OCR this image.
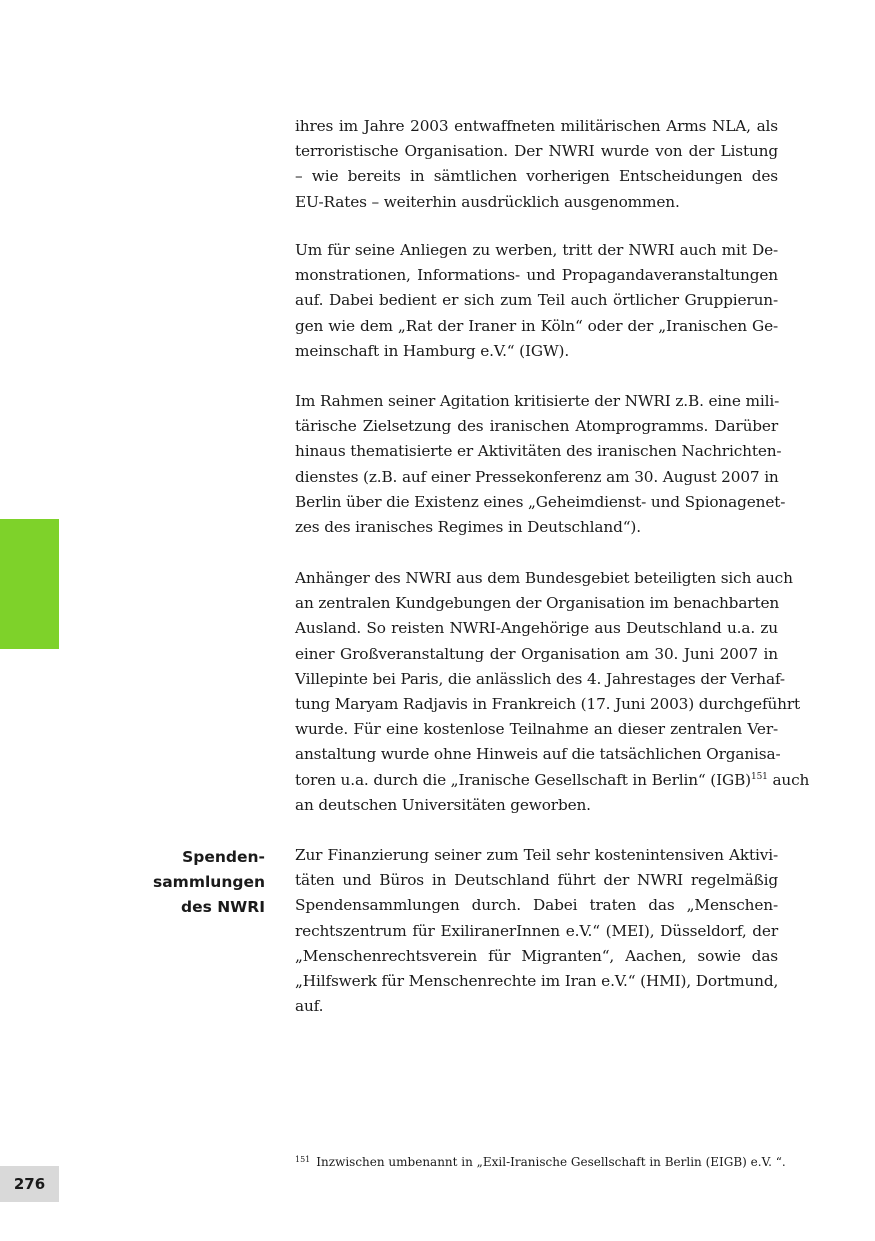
Spenden-
sammlungen
des NWRI
ihres im Jahre 2003 entwaffneten militärischen Arms NLA, als
terroristische Organisation. Der NWRI wurde von der Listung
– wie bereits in sämtlichen vorherigen Entscheidungen des
EU-Rates – weiterhin ausdrücklich ausgenommen.
Um für seine Anliegen zu werben, tritt der NWRI auch mit De-
monstrationen, Informations- und Propagandaveranstaltungen
auf. Dabei bedient er sich zum Teil auch örtlicher Gruppierun-
gen wie dem „Rat der Iraner in Köln“ oder der „Iranischen Ge-
meinschaft in Hamburg e.V.“ (IGW).
Im Rahmen seiner Agitation kritisierte der NWRI z.B. eine mili-
tärische Zielsetzung des iranischen Atomprogramms. Darüber
hinaus thematisierte er Aktivitäten des iranischen Nachrichten-
dienstes (z.B. auf einer Pressekonferenz am 30. August 2007 in
Berlin über die Existenz eines „Geheimdienst- und Spionagenet-
zes des iranisches Regimes in Deutschland“).
Anhänger des NWRI aus dem Bundesgebiet beteiligten sich auch
an zentralen Kundgebungen der Organisation im benachbarten
Ausland. So reisten NWRI-Angehörige aus Deutschland u.a. zu
einer Großveranstaltung der Organisation am 30. Juni 2007 in
Villepinte bei Paris, die anlässlich des 4. Jahrestages der Verhaf-
tung Maryam Radjavis in Frankreich (17. Juni 2003) durchgeführt
wurde. Für eine kostenlose Teilnahme an dieser zentralen Ver-
anstaltung wurde ohne Hinweis auf die tatsächlichen Organisa-
toren u.a. durch die „Iranische Gesellschaft in Berlin“ (IGB)$^{151}$ auch
an deutschen Universitäten geworben.
Zur Finanzierung seiner zum Teil sehr kostenintensiven Aktivi-
täten und Büros in Deutschland führt der NWRI regelmäßig
Spendensammlungen durch. Dabei traten das „Menschen-
rechtszentrum für ExiliranerInnen e.V.“ (MEI), Düsseldorf, der
„Menschenrechtsverein für Migranten“, Aachen, sowie das
„Hilfswerk für Menschenrechte im Iran e.V.“ (HMI), Dortmund,
auf.
$^{151}$ Inzwischen umbenannt in „Exil-Iranische Gesellschaft in Berlin (EIGB) e.V. “.
276
